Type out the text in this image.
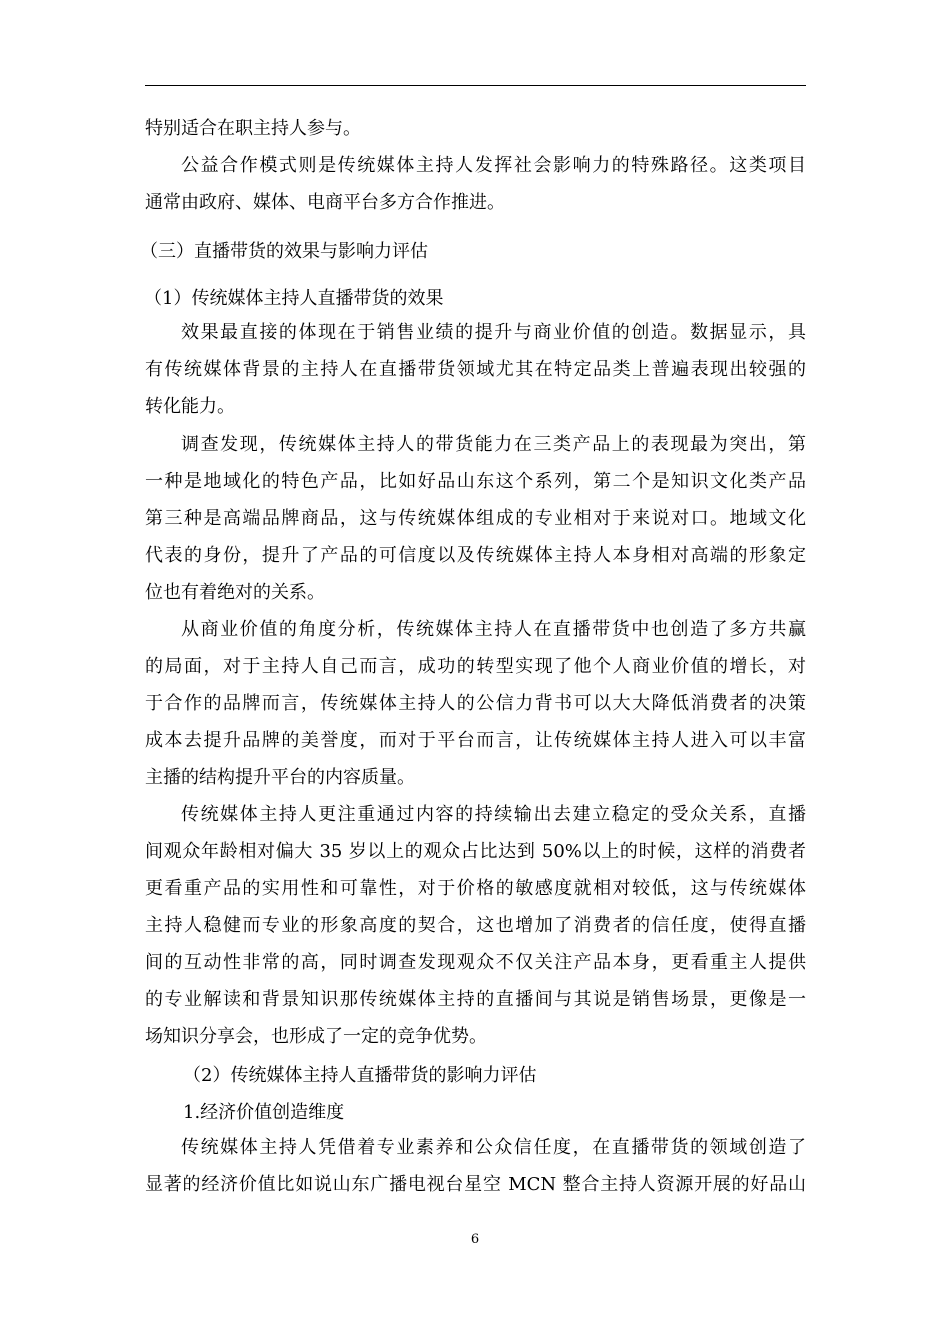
特别适合在职主持人参与。
公益合作模式则是传统媒体主持人发挥社会影响力的特殊路径。这类项目
通常由政府、媒体、电商平台多方合作推进。
（三）直播带货的效果与影响力评估
（1）传统媒体主持人直播带货的效果
效果最直接的体现在于销售业绩的提升与商业价值的创造。数据显示，具
有传统媒体背景的主持人在直播带货领域尤其在特定品类上普遍表现出较强的
转化能力。
调查发现，传统媒体主持人的带货能力在三类产品上的表现最为突出，第
一种是地域化的特色产品，比如好品山东这个系列，第二个是知识文化类产品
第三种是高端品牌商品，这与传统媒体组成的专业相对于来说对口。地域文化
代表的身份，提升了产品的可信度以及传统媒体主持人本身相对高端的形象定
位也有着绝对的关系。
从商业价值的角度分析，传统媒体主持人在直播带货中也创造了多方共赢
的局面，对于主持人自己而言，成功的转型实现了他个人商业价值的增长，对
于合作的品牌而言，传统媒体主持人的公信力背书可以大大降低消费者的决策
成本去提升品牌的美誉度，而对于平台而言，让传统媒体主持人进入可以丰富
主播的结构提升平台的内容质量。
传统媒体主持人更注重通过内容的持续输出去建立稳定的受众关系，直播
间观众年龄相对偏大 35 岁以上的观众占比达到 50%以上的时候，这样的消费者
更看重产品的实用性和可靠性，对于价格的敏感度就相对较低，这与传统媒体
主持人稳健而专业的形象高度的契合，这也增加了消费者的信任度，使得直播
间的互动性非常的高，同时调查发现观众不仅关注产品本身，更看重主人提供
的专业解读和背景知识那传统媒体主持的直播间与其说是销售场景，更像是一
场知识分享会，也形成了一定的竞争优势。
（2）传统媒体主持人直播带货的影响力评估
1.经济价值创造维度
传统媒体主持人凭借着专业素养和公众信任度，在直播带货的领域创造了
显著的经济价值比如说山东广播电视台星空 MCN 整合主持人资源开展的好品山
6
